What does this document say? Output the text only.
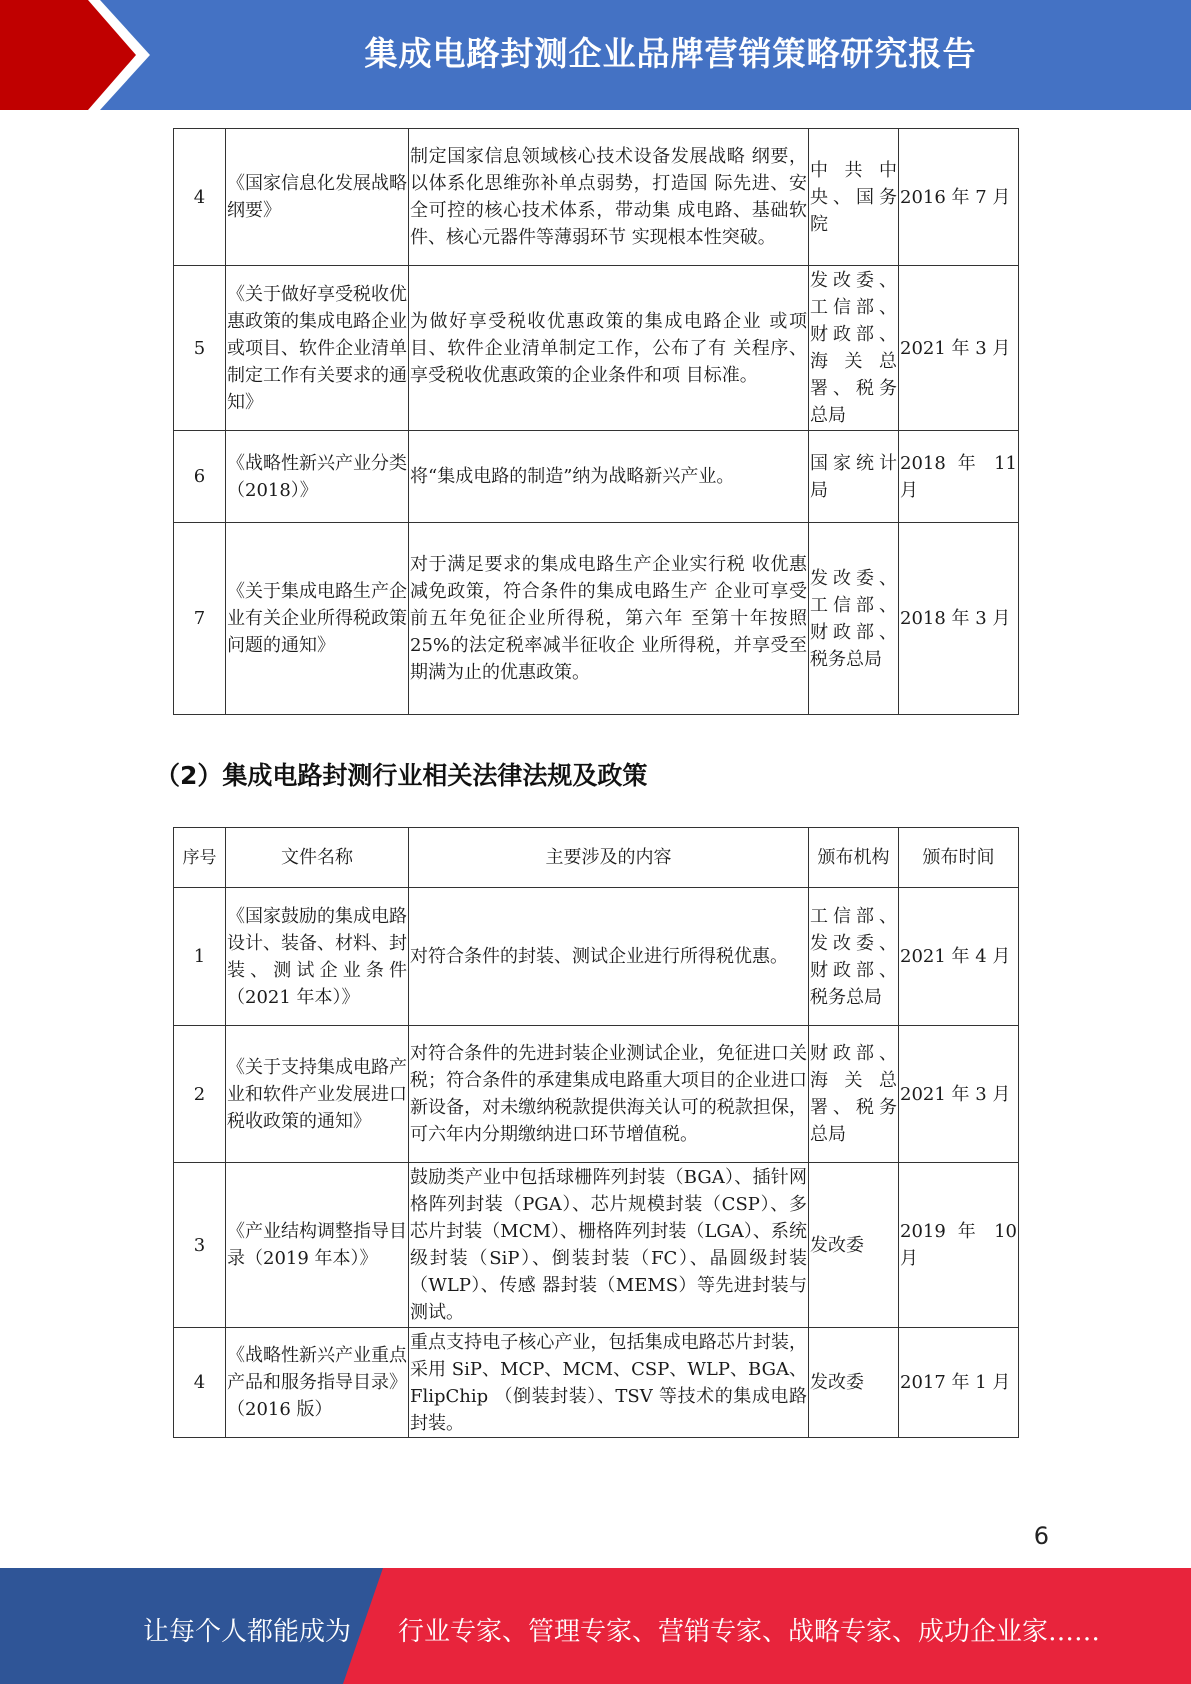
集成电路封测企业品牌营销策略研究报告
4	《国家信息化发展战略纲要》	制定国家信息领域核心技术设备发展战略 纲要，以体系化思维弥补单点弱势，打造国 际先进、安全可控的核心技术体系，带动集 成电路、基础软件、核心元器件等薄弱环节 实现根本性突破。	中共中央、国务院	2016 年 7 月
5	《关于做好享受税收优惠政策的集成电路企业或项目、软件企业清单制定工作有关要求的通知》	为做好享受税收优惠政策的集成电路企业 或项目、软件企业清单制定工作，公布了有 关程序、享受税收优惠政策的企业条件和项 目标准。	发改委、工信部、财政部、海关总署、税务总局	2021 年 3 月
6	《战略性新兴产业分类（2018）》	将“集成电路的制造”纳为战略新兴产业。	国家统计局	2018 年 11 月
7	《关于集成电路生产企业有关企业所得税政策问题的通知》	对于满足要求的集成电路生产企业实行税 收优惠减免政策，符合条件的集成电路生产 企业可享受前五年免征企业所得税，第六年 至第十年按照 25%的法定税率减半征收企 业所得税，并享受至期满为止的优惠政策。	发改委、工信部、财政部、税务总局	2018 年 3 月
（2）集成电路封测行业相关法律法规及政策
序号	文件名称	主要涉及的内容	颁布机构	颁布时间
1	《国家鼓励的集成电路设计、装备、材料、封装、测试企业条件（2021 年本）》	对符合条件的封装、测试企业进行所得税优惠。	工信部、发改委、财政部、税务总局	2021 年 4 月
2	《关于支持集成电路产业和软件产业发展进口税收政策的通知》	对符合条件的先进封装企业测试企业，免征进口关税；符合条件的承建集成电路重大项目的企业进口新设备，对未缴纳税款提供海关认可的税款担保，可六年内分期缴纳进口环节增值税。	财政部、海关总署、税务总局	2021 年 3 月
3	《产业结构调整指导目录（2019 年本）》	鼓励类产业中包括球栅阵列封装（BGA）、插针网格阵列封装（PGA）、芯片规模封装（CSP）、多芯片封装（MCM）、栅格阵列封装（LGA）、系统级封装（SiP）、倒装封装（FC）、晶圆级封装（WLP）、传感 器封装（MEMS）等先进封装与测试。	发改委	2019 年 10 月
4	《战略性新兴产业重点产品和服务指导目录》（2016 版）	重点支持电子核心产业，包括集成电路芯片封装，采用 SiP、MCP、MCM、CSP、WLP、BGA、FlipChip （倒装封装）、TSV 等技术的集成电路封装。	发改委	2017 年 1 月
6
让每个人都能成为 行业专家、管理专家、营销专家、战略专家、成功企业家……
